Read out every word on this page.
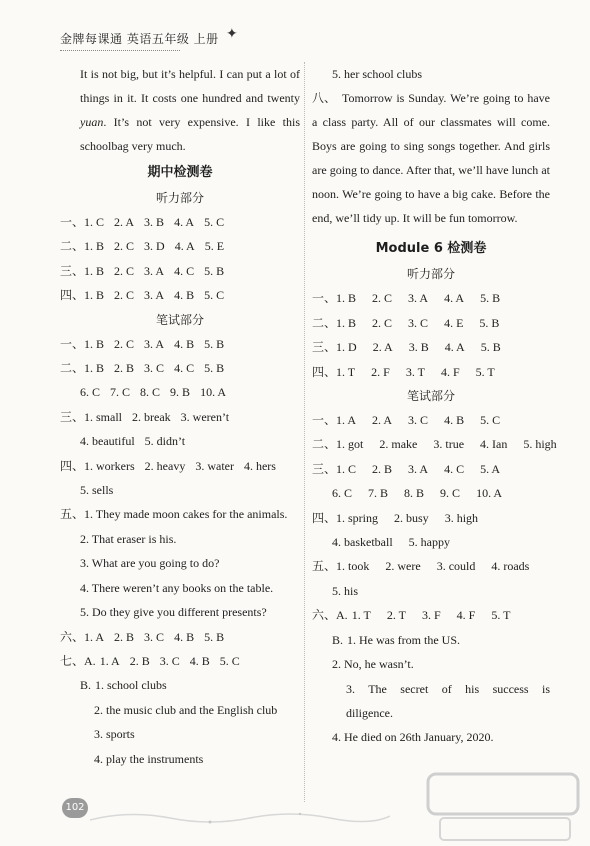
金牌每课通 英语五年级 上册 ✦

It is not big, but it’s helpful. I can put a lot of things in it. It costs one hundred and twenty yuan. It’s not very expensive. I like this schoolbag very much.

期中检测卷
听力部分
一、1. C 2. A 3. B 4. A 5. C
二、1. B 2. C 3. D 4. A 5. E
三、1. B 2. C 3. A 4. C 5. B
四、1. B 2. C 3. A 4. B 5. C
笔试部分
一、1. B 2. C 3. A 4. B 5. B
二、1. B 2. B 3. C 4. C 5. B
6. C 7. C 8. C 9. B 10. A
三、1. small 2. break 3. weren’t
4. beautiful 5. didn’t
四、1. workers 2. heavy 3. water 4. hers
5. sells
五、1. They made moon cakes for the animals.
2. That eraser is his.
3. What are you going to do?
4. There weren’t any books on the table.
5. Do they give you different presents?
六、1. A 2. B 3. C 4. B 5. B
七、A. 1. A 2. B 3. C 4. B 5. C
B. 1. school clubs
2. the music club and the English club
3. sports
4. play the instruments
5. her school clubs

八、 Tomorrow is Sunday. We’re going to have a class party. All of our classmates will come. Boys are going to sing songs together. And girls are going to dance. After that, we’ll have lunch at noon. We’re going to have a big cake. Before the end, we’ll tidy up. It will be fun tomorrow.

Module 6 检测卷
听力部分
一、1. B 2. C 3. A 4. A 5. B
二、1. B 2. C 3. C 4. E 5. B
三、1. D 2. A 3. B 4. A 5. B
四、1. T 2. F 3. T 4. F 5. T
笔试部分
一、1. A 2. A 3. C 4. B 5. C
二、1. got 2. make 3. true 4. Ian 5. high
三、1. C 2. B 3. A 4. C 5. A
6. C 7. B 8. B 9. C 10. A
四、1. spring 2. busy 3. high
4. basketball 5. happy
五、1. took 2. were 3. could 4. roads
5. his
六、A. 1. T 2. T 3. F 4. F 5. T
B. 1. He was from the US.
2. No, he wasn’t.
3. The secret of his success is
diligence.
4. He died on 26th January, 2020.
102
